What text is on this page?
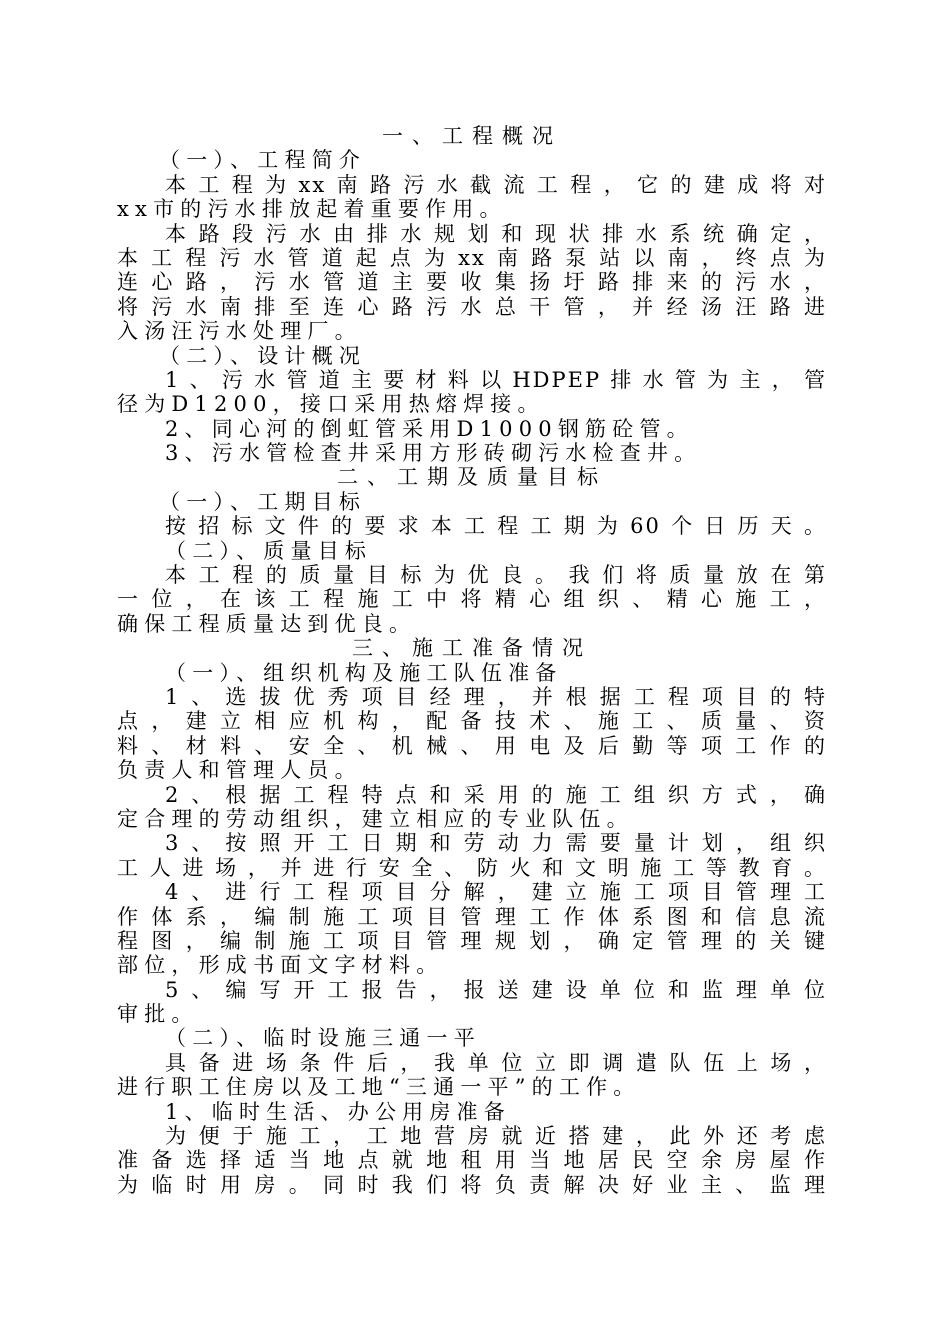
一、工程概况
（一）、工程简介
本工程为xx南路污水截流工程，它的建成将对
xx市的污水排放起着重要作用。
本路段污水由排水规划和现状排水系统确定，
本工程污水管道起点为xx南路泵站以南，终点为
连心路，污水管道主要收集扬圩路排来的污水，
将污水南排至连心路污水总干管，并经汤汪路进
入汤汪污水处理厂。
（二）、设计概况
1、污水管道主要材料以HDPEP排水管为主，管
径为D1200，接口采用热熔焊接。
2、同心河的倒虹管采用D1000钢筋砼管。
3、污水管检查井采用方形砖砌污水检查井。
二、工期及质量目标
（一）、工期目标
按招标文件的要求本工程工期为60个日历天。
（二）、质量目标
本工程的质量目标为优良。我们将质量放在第
一位，在该工程施工中将精心组织、精心施工，
确保工程质量达到优良。
三、施工准备情况
（一）、组织机构及施工队伍准备
1、选拔优秀项目经理，并根据工程项目的特
点，建立相应机构，配备技术、施工、质量、资
料、材料、安全、机械、用电及后勤等项工作的
负责人和管理人员。
2、根据工程特点和采用的施工组织方式，确
定合理的劳动组织，建立相应的专业队伍。
3、按照开工日期和劳动力需要量计划，组织
工人进场，并进行安全、防火和文明施工等教育。
4、进行工程项目分解，建立施工项目管理工
作体系，编制施工项目管理工作体系图和信息流
程图，编制施工项目管理规划，确定管理的关键
部位，形成书面文字材料。
5、编写开工报告，报送建设单位和监理单位
审批。
（二）、临时设施三通一平
具备进场条件后，我单位立即调遣队伍上场，
进行职工住房以及工地“三通一平”的工作。
1、临时生活、办公用房准备
为便于施工，工地营房就近搭建，此外还考虑
准备选择适当地点就地租用当地居民空余房屋作
为临时用房。同时我们将负责解决好业主、监理
